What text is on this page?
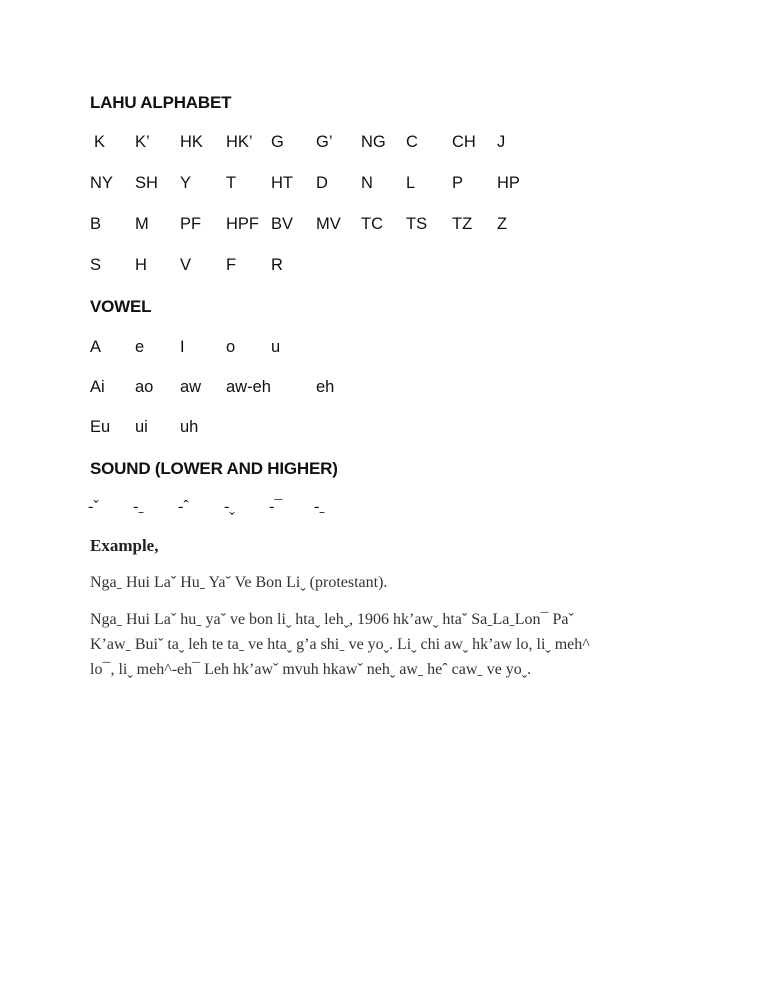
LAHU ALPHABET
K K’ HK HK’ G G’ NG C CH J
NY SH Y T HT D N L P HP
B M PF HPF BV MV TC TS TZ Z
S H V F R
VOWEL
A e I	o u
Ai ao aw aw-eh	eh
Eu ui uh
SOUND (LOWER AND HIGHER)
-ˇ -ˍ -ˆ -ˬ -¯ -ˍ
Example,
Ngaˍ Hui Laˇ Huˍ Yaˇ Ve Bon Liˬ (protestant).
Ngaˍ Hui Laˇ huˍ yaˇ ve bon liˬ htaˬ lehˬ, 1906 hk’awˬ htaˇ SaˍLaˍLon¯ Paˇ
K’awˍ Buiˇ taˬ leh te taˍ ve htaˬ g’a shiˍ ve yoˬ. Liˬ chi awˬ hk’aw lo, liˬ meh^
lo¯, liˬ meh^-eh¯ Leh hk’awˇ mvuh hkawˇ nehˬ awˍ heˆ cawˍ ve yoˬ.
